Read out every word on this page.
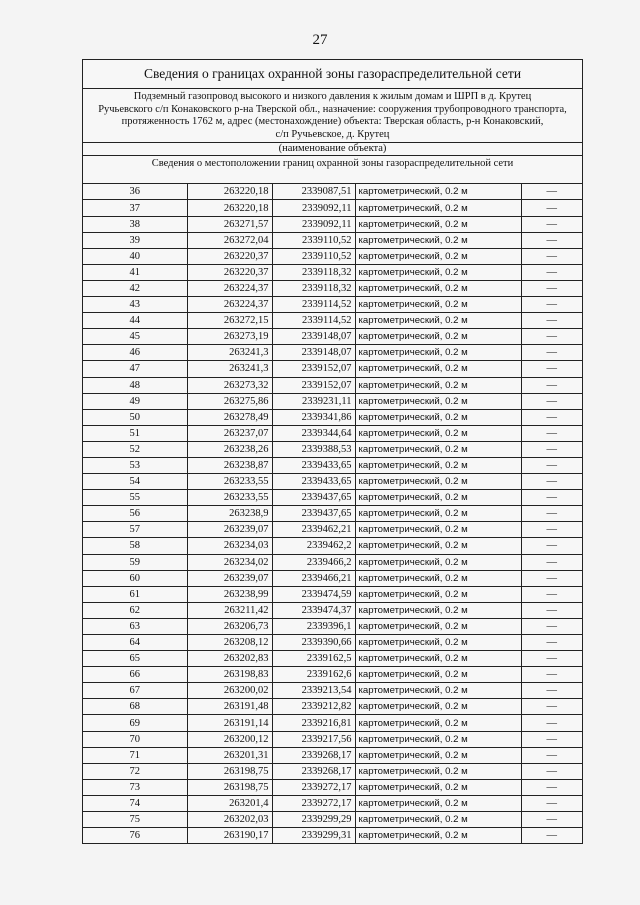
27
Сведения о границах охранной зоны газораспределительной сети
Подземный газопровод высокого и низкого давления к жилым домам и ШРП в д. Крутец
Ручьевского с/п Конаковского р-на Тверской обл., назначение: сооружения трубопроводного транспорта,
протяженность 1762 м, адрес (местонахождение) объекта: Тверская область, р-н Конаковский,
с/п Ручьевское, д. Крутец
(наименование объекта)
Сведения о местоположении границ охранной зоны газораспределительной сети
36	263220,18	2339087,51	картометрический, 0.2 м	—
37	263220,18	2339092,11	картометрический, 0.2 м	—
38	263271,57	2339092,11	картометрический, 0.2 м	—
39	263272,04	2339110,52	картометрический, 0.2 м	—
40	263220,37	2339110,52	картометрический, 0.2 м	—
41	263220,37	2339118,32	картометрический, 0.2 м	—
42	263224,37	2339118,32	картометрический, 0.2 м	—
43	263224,37	2339114,52	картометрический, 0.2 м	—
44	263272,15	2339114,52	картометрический, 0.2 м	—
45	263273,19	2339148,07	картометрический, 0.2 м	—
46	263241,3	2339148,07	картометрический, 0.2 м	—
47	263241,3	2339152,07	картометрический, 0.2 м	—
48	263273,32	2339152,07	картометрический, 0.2 м	—
49	263275,86	2339231,11	картометрический, 0.2 м	—
50	263278,49	2339341,86	картометрический, 0.2 м	—
51	263237,07	2339344,64	картометрический, 0.2 м	—
52	263238,26	2339388,53	картометрический, 0.2 м	—
53	263238,87	2339433,65	картометрический, 0.2 м	—
54	263233,55	2339433,65	картометрический, 0.2 м	—
55	263233,55	2339437,65	картометрический, 0.2 м	—
56	263238,9	2339437,65	картометрический, 0.2 м	—
57	263239,07	2339462,21	картометрический, 0.2 м	—
58	263234,03	2339462,2	картометрический, 0.2 м	—
59	263234,02	2339466,2	картометрический, 0.2 м	—
60	263239,07	2339466,21	картометрический, 0.2 м	—
61	263238,99	2339474,59	картометрический, 0.2 м	—
62	263211,42	2339474,37	картометрический, 0.2 м	—
63	263206,73	2339396,1	картометрический, 0.2 м	—
64	263208,12	2339390,66	картометрический, 0.2 м	—
65	263202,83	2339162,5	картометрический, 0.2 м	—
66	263198,83	2339162,6	картометрический, 0.2 м	—
67	263200,02	2339213,54	картометрический, 0.2 м	—
68	263191,48	2339212,82	картометрический, 0.2 м	—
69	263191,14	2339216,81	картометрический, 0.2 м	—
70	263200,12	2339217,56	картометрический, 0.2 м	—
71	263201,31	2339268,17	картометрический, 0.2 м	—
72	263198,75	2339268,17	картометрический, 0.2 м	—
73	263198,75	2339272,17	картометрический, 0.2 м	—
74	263201,4	2339272,17	картометрический, 0.2 м	—
75	263202,03	2339299,29	картометрический, 0.2 м	—
76	263190,17	2339299,31	картометрический, 0.2 м	—
